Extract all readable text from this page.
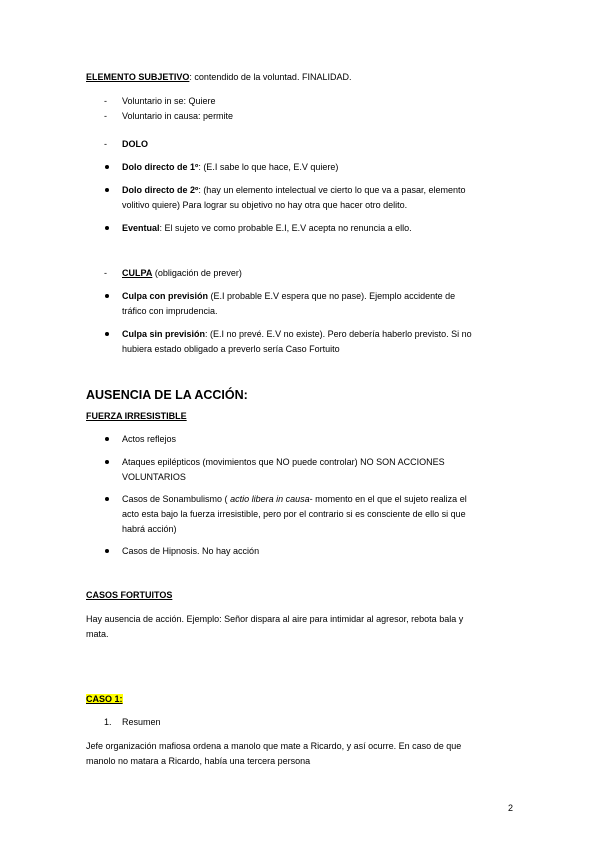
ELEMENTO SUBJETIVO: contendido de la voluntad. FINALIDAD.
-	Voluntario in se: Quiere
-	Voluntario in causa: permite
-	DOLO
Dolo directo de 1º: (E.I sabe lo que hace, E.V quiere)
Dolo directo de 2º: (hay un elemento intelectual ve cierto lo que va a pasar, elemento
volitivo quiere) Para lograr su objetivo no hay otra que hacer otro delito.
Eventual: El sujeto ve como probable E.I, E.V acepta no renuncia a ello.
-	CULPA (obligación de prever)
Culpa con previsión (E.I probable E.V espera que no pase). Ejemplo accidente de
tráfico con imprudencia.
Culpa sin previsión: (E.I no prevé. E.V no existe). Pero debería haberlo previsto. Si no
hubiera estado obligado a preverlo sería Caso Fortuito
AUSENCIA DE LA ACCIÓN:
FUERZA IRRESISTIBLE
Actos reflejos
Ataques epilépticos (movimientos que NO puede controlar) NO SON ACCIONES
VOLUNTARIOS
Casos de Sonambulismo ( actio libera in causa- momento en el que el sujeto realiza el
acto esta bajo la fuerza irresistible, pero por el contrario si es consciente de ello si que
habrá acción)
Casos de Hipnosis. No hay acción
CASOS FORTUITOS
Hay ausencia de acción. Ejemplo: Señor dispara al aire para intimidar al agresor, rebota bala y
mata.
CASO 1:
1. Resumen
Jefe organización mafiosa ordena a manolo que mate a Ricardo, y así ocurre. En caso de que
manolo no matara a Ricardo, había una tercera persona
2
